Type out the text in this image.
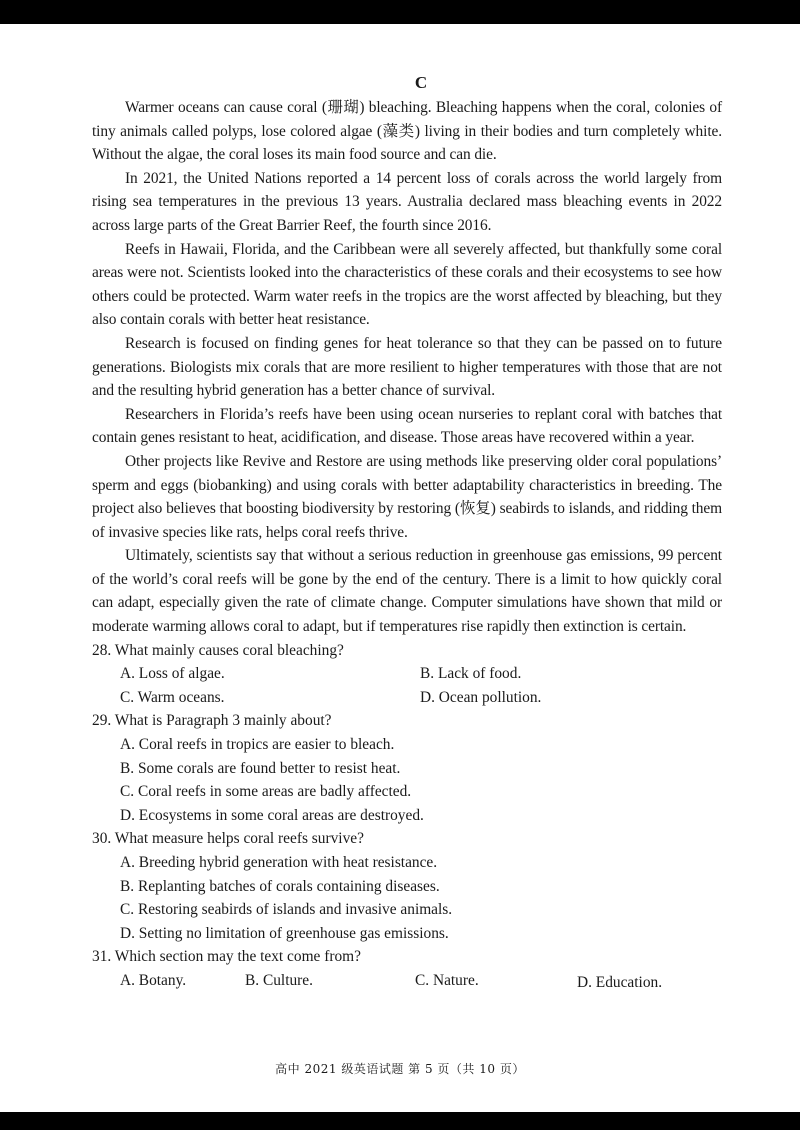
C

Warmer oceans can cause coral (珊瑚) bleaching. Bleaching happens when the coral, colonies of tiny animals called polyps, lose colored algae (藻类) living in their bodies and turn completely white. Without the algae, the coral loses its main food source and can die.

In 2021, the United Nations reported a 14 percent loss of corals across the world largely from rising sea temperatures in the previous 13 years. Australia declared mass bleaching events in 2022 across large parts of the Great Barrier Reef, the fourth since 2016.

Reefs in Hawaii, Florida, and the Caribbean were all severely affected, but thankfully some coral areas were not. Scientists looked into the characteristics of these corals and their ecosystems to see how others could be protected. Warm water reefs in the tropics are the worst affected by bleaching, but they also contain corals with better heat resistance.

Research is focused on finding genes for heat tolerance so that they can be passed on to future generations. Biologists mix corals that are more resilient to higher temperatures with those that are not and the resulting hybrid generation has a better chance of survival.

Researchers in Florida’s reefs have been using ocean nurseries to replant coral with batches that contain genes resistant to heat, acidification, and disease. Those areas have recovered within a year.

Other projects like Revive and Restore are using methods like preserving older coral populations’ sperm and eggs (biobanking) and using corals with better adaptability characteristics in breeding. The project also believes that boosting biodiversity by restoring (恢复) seabirds to islands, and ridding them of invasive species like rats, helps coral reefs thrive.

Ultimately, scientists say that without a serious reduction in greenhouse gas emissions, 99 percent of the world’s coral reefs will be gone by the end of the century. There is a limit to how quickly coral can adapt, especially given the rate of climate change. Computer simulations have shown that mild or moderate warming allows coral to adapt, but if temperatures rise rapidly then extinction is certain.

28. What mainly causes coral bleaching?

A. Loss of algae.	B. Lack of food.

C. Warm oceans.	D. Ocean pollution.

29. What is Paragraph 3 mainly about?

A. Coral reefs in tropics are easier to bleach.

B. Some corals are found better to resist heat.

C. Coral reefs in some areas are badly affected.

D. Ecosystems in some coral areas are destroyed.

30. What measure helps coral reefs survive?

A. Breeding hybrid generation with heat resistance.

B. Replanting batches of corals containing diseases.

C. Restoring seabirds of islands and invasive animals.

D. Setting no limitation of greenhouse gas emissions.

31. Which section may the text come from?

A. Botany.	B. Culture.	C. Nature.	D. Education.

高中 2021 级英语试题 第 5 页（共 10 页）
